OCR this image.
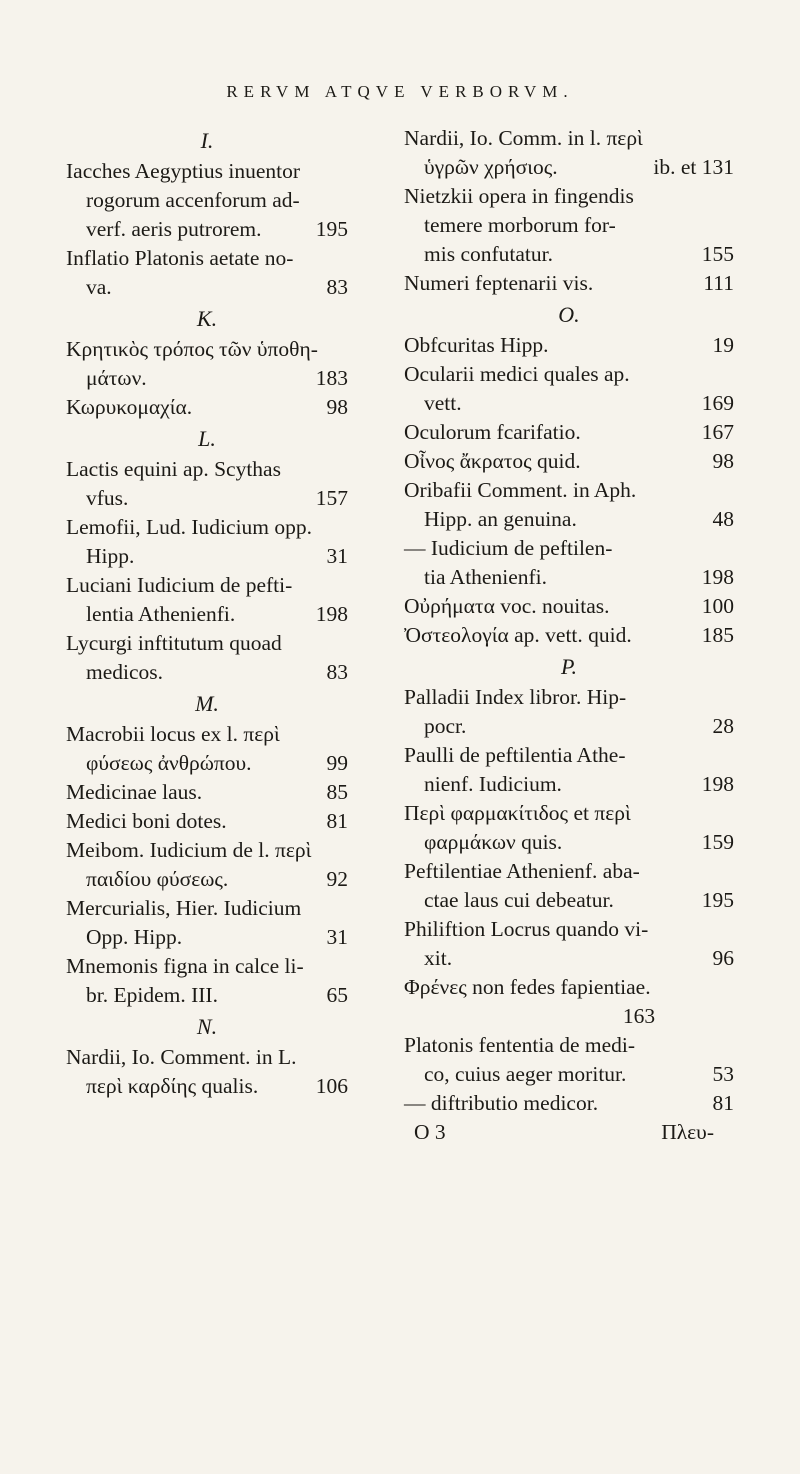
RERVM ATQVE VERBORVM.
I.
Iacches Aegyptius inuentor
rogorum accenforum ad-
verf. aeris putrorem.	195
Inflatio Platonis aetate no-
va.	83
K.
Κρητικὸς τρόπος τῶν ὑποθη-
μάτων.	183
Κωρυκομαχία.	98
L.
Lactis equini ap. Scythas
vfus.	157
Lemofii, Lud. Iudicium opp.
Hipp.	31
Luciani Iudicium de pefti-
lentia Athenienfi.	198
Lycurgi inftitutum quoad
medicos.	83
M.
Macrobii locus ex l. περὶ
φύσεως ἀνθρώπου.	99
Medicinae laus.	85
Medici boni dotes.	81
Meibom. Iudicium de l. περὶ
παιδίου φύσεως.	92
Mercurialis, Hier. Iudicium
Opp. Hipp.	31
Mnemonis figna in calce li-
br. Epidem. III.	65
N.
Nardii, Io. Comment. in L.
περὶ καρδίης qualis.	106
Nardii, Io. Comm. in l. περὶ
ὑγρῶν χρήσιος.	ib. et 131
Nietzkii opera in fingendis
temere morborum for-
mis confutatur.	155
Numeri feptenarii vis.	111
O.
Obfcuritas Hipp.	19
Ocularii medici quales ap.
vett.	169
Oculorum fcarifatio.	167
Οἶνος ἄκρατος quid.	98
Oribafii Comment. in Aph.
Hipp. an genuina.	48
— Iudicium de peftilen-
tia Athenienfi.	198
Οὐρήματα voc. nouitas.	100
Ὀστεολογία ap. vett. quid.	185
P.
Palladii Index libror. Hip-
pocr.	28
Paulli de peftilentia Athe-
nienf. Iudicium.	198
Περὶ φαρμακίτιδος et περὶ
φαρμάκων quis.	159
Peftilentiae Athenienf. aba-
ctae laus cui debeatur.	195
Philiftion Locrus quando vi-
xit.	96
Φρένες non fedes fapientiae.
163
Platonis fententia de medi-
co, cuius aeger moritur.	53
— diftributio medicor.	81
O 3	Πλευ-
